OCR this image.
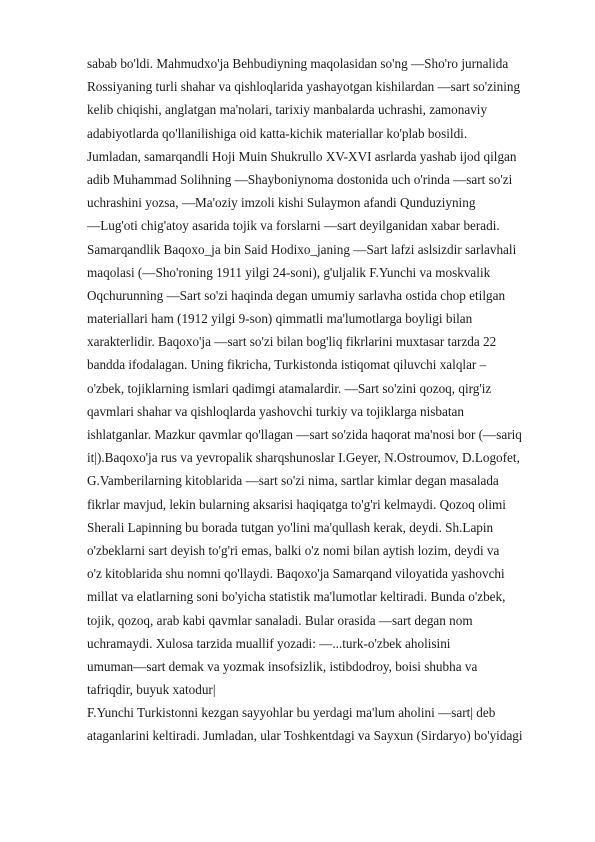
sabab bo'ldi. Mahmudxo'ja Behbudiyning maqolasidan so'ng —Sho'ro jurnalida
Rossiyaning turli shahar va qishloqlarida yashayotgan kishilardan —sart so'zining
kelib chiqishi, anglatgan ma'nolari, tarixiy manbalarda uchrashi, zamonaviy
adabiyotlarda qo'llanilishiga oid katta-kichik materiallar ko'plab bosildi.
Jumladan, samarqandli Hoji Muin Shukrullo XV-XVI asrlarda yashab ijod qilgan
adib Muhammad Solihning —Shayboniynoma dostonida uch o'rinda —sart so'zi
uchrashini yozsa, —Ma'oziy imzoli kishi Sulaymon afandi Qunduziyning
—Lug'oti chig'atoy asarida tojik va forslarni —sart deyilganidan xabar beradi.
Samarqandlik Baqoxo_ja bin Said Hodixo_janing —Sart lafzi aslsizdir sarlavhali
maqolasi (—Sho'roning 1911 yilgi 24-soni), g'uljalik F.Yunchi va moskvalik
Oqchurunning —Sart so'zi haqinda degan umumiy sarlavha ostida chop etilgan
materiallari ham (1912 yilgi 9-son) qimmatli ma'lumotlarga boyligi bilan
xarakterlidir. Baqoxo'ja —sart so'zi bilan bog'liq fikrlarini muxtasar tarzda 22
bandda ifodalagan. Uning fikricha, Turkistonda istiqomat qiluvchi xalqlar –
o'zbek, tojiklarning ismlari qadimgi atamalardir. —Sart so'zini qozoq, qirg'iz
qavmlari shahar va qishloqlarda yashovchi turkiy va tojiklarga nisbatan
ishlatganlar. Mazkur qavmlar qo'llagan —sart so'zida haqorat ma'nosi bor (—sariq
it|).Baqoxo'ja rus va yevropalik sharqshunoslar I.Geyer, N.Ostroumov, D.Logofet,
G.Vamberilarning kitoblarida —sart so'zi nima, sartlar kimlar degan masalada
fikrlar mavjud, lekin bularning aksarisi haqiqatga to'g'ri kelmaydi. Qozoq olimi
Sherali Lapinning bu borada tutgan yo'lini ma'qullash kerak, deydi. Sh.Lapin
o'zbeklarni sart deyish to'g'ri emas, balki o'z nomi bilan aytish lozim, deydi va
o'z kitoblarida shu nomni qo'llaydi. Baqoxo'ja Samarqand viloyatida yashovchi
millat va elatlarning soni bo'yicha statistik ma'lumotlar keltiradi. Bunda o'zbek,
tojik, qozoq, arab kabi qavmlar sanaladi. Bular orasida —sart degan nom
uchramaydi. Xulosa tarzida muallif yozadi: —...turk-o'zbek aholisini
umuman—sart demak va yozmak insofsizlik, istibdodroy, boisi shubha va
tafriqdir, buyuk xatodur|
F.Yunchi Turkistonni kezgan sayyohlar bu yerdagi ma'lum aholini —sart| deb
ataganlarini keltiradi. Jumladan, ular Toshkentdagi va Sayxun (Sirdaryo) bo'yidagi
